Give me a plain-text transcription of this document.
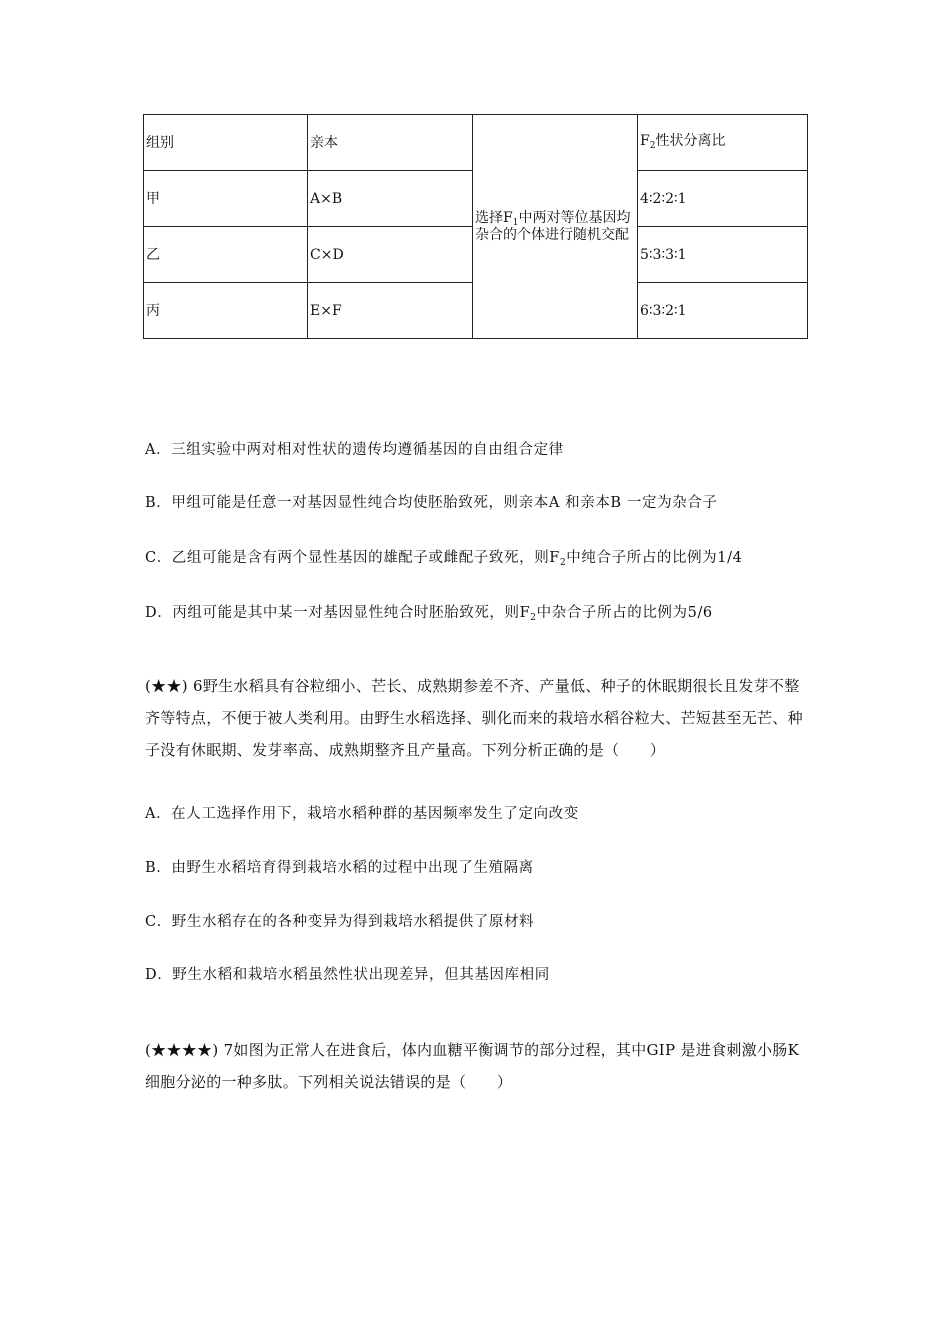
组别	亲本	选择$F_1$中两对等位基因均杂合的个体进行随机交配	$F_2$性状分离比
甲	A×B		4∶2∶2∶1
乙	C×D		5∶3∶3∶1
丙	E×F		6∶3∶2∶1
A．三组实验中两对相对性状的遗传均遵循基因的自由组合定律
B．甲组可能是任意一对基因显性纯合均使胚胎致死，则亲本A 和亲本B 一定为杂合子
C．乙组可能是含有两个显性基因的雄配子或雌配子致死，则$F_2$中纯合子所占的比例为1/4
D．丙组可能是其中某一对基因显性纯合时胚胎致死，则$F_2$中杂合子所占的比例为5/6
(★★) 6野生水稻具有谷粒细小、芒长、成熟期参差不齐、产量低、种子的休眠期很长且发芽不整齐等特点，不便于被人类利用。由野生水稻选择、驯化而来的栽培水稻谷粒大、芒短甚至无芒、种子没有休眠期、发芽率高、成熟期整齐且产量高。下列分析正确的是（　　）
A．在人工选择作用下，栽培水稻种群的基因频率发生了定向改变
B．由野生水稻培育得到栽培水稻的过程中出现了生殖隔离
C．野生水稻存在的各种变异为得到栽培水稻提供了原材料
D．野生水稻和栽培水稻虽然性状出现差异，但其基因库相同
(★★★★) 7如图为正常人在进食后，体内血糖平衡调节的部分过程，其中GIP 是进食刺激小肠K 细胞分泌的一种多肽。下列相关说法错误的是（　　）
